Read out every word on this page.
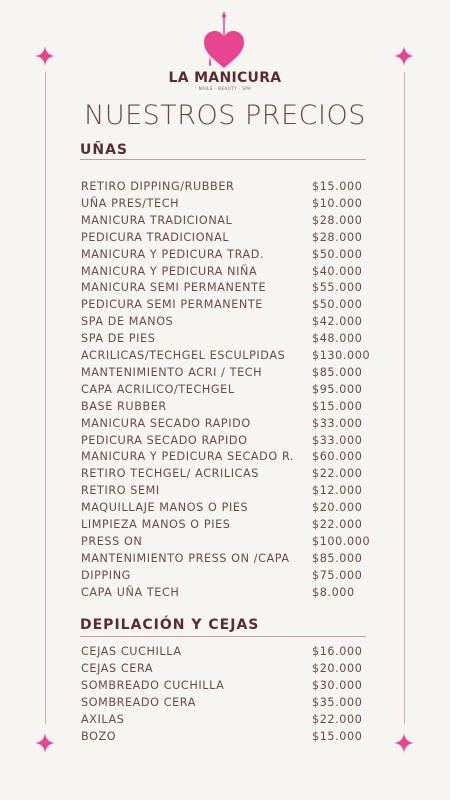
LA MANICURA
NAILS · BEAUTY · SPA
NUESTROS PRECIOS
UÑAS
RETIRO DIPPING/RUBBER	$15.000
UÑA PRES/TECH	$10.000
MANICURA TRADICIONAL	$28.000
PEDICURA TRADICIONAL	$28.000
MANICURA Y PEDICURA TRAD.	$50.000
MANICURA Y PEDICURA NIÑA	$40.000
MANICURA SEMI PERMANENTE	$55.000
PEDICURA SEMI PERMANENTE	$50.000
SPA DE MANOS	$42.000
SPA DE PIES	$48.000
ACRILICAS/TECHGEL ESCULPIDAS $130.000
MANTENIMIENTO ACRI / TECH	$85.000
CAPA ACRILICO/TECHGEL	$95.000
BASE RUBBER	$15.000
MANICURA SECADO RAPIDO	$33.000
PEDICURA SECADO RAPIDO	$33.000
MANICURA Y PEDICURA SECADO R. $60.000
RETIRO TECHGEL/ ACRILICAS	$22.000
RETIRO SEMI	$12.000
MAQUILLAJE MANOS O PIES	$20.000
LIMPIEZA MANOS O PIES	$22.000
PRESS ON	$100.000
MANTENIMIENTO PRESS ON /CAPA $85.000
DIPPING	$75.000
CAPA UÑA TECH	$8.000
DEPILACIÓN Y CEJAS
CEJAS CUCHILLA	$16.000
CEJAS CERA	$20.000
SOMBREADO CUCHILLA	$30.000
SOMBREADO CERA	$35.000
AXILAS	$22.000
BOZO	$15.000
